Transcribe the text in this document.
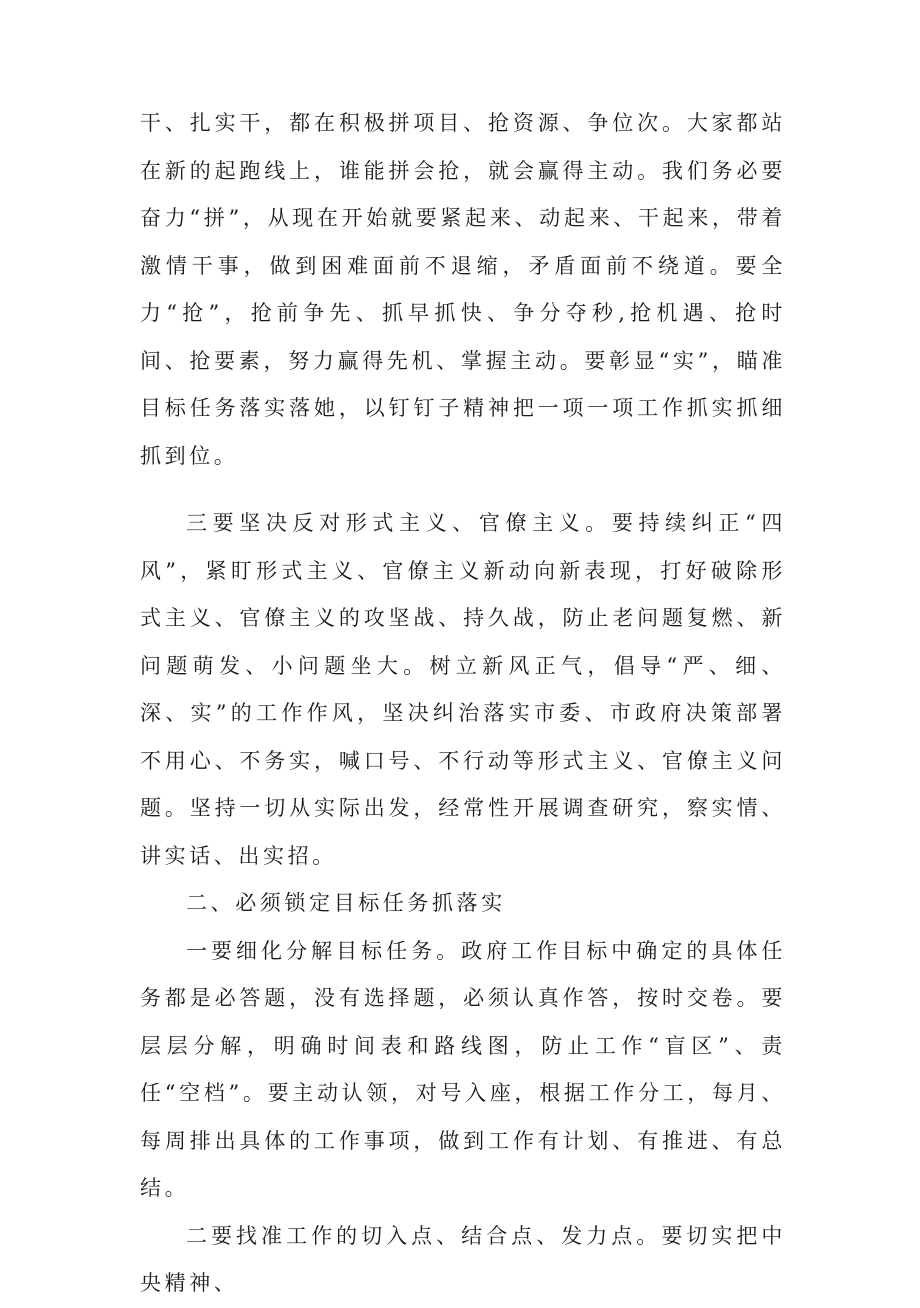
干、扎实干，都在积极拼项目、抢资源、争位次。大家都站在新的起跑线上，谁能拼会抢，就会赢得主动。我们务必要奋力“拼”，从现在开始就要紧起来、动起来、干起来，带着激情干事，做到困难面前不退缩，矛盾面前不绕道。要全力“抢”，抢前争先、抓早抓快、争分夺秒,抢机遇、抢时间、抢要素，努力赢得先机、掌握主动。要彰显“实”，瞄准目标任务落实落她，以钉钉子精神把一项一项工作抓实抓细抓到位。

三要坚决反对形式主义、官僚主义。要持续纠正“四风”，紧盯形式主义、官僚主义新动向新表现，打好破除形式主义、官僚主义的攻坚战、持久战，防止老问题复燃、新问题萌发、小问题坐大。树立新风正气，倡导“严、细、深、实”的工作作风，坚决纠治落实市委、市政府决策部署不用心、不务实，喊口号、不行动等形式主义、官僚主义问题。坚持一切从实际出发，经常性开展调查研究，察实情、讲实话、出实招。

二、必须锁定目标任务抓落实

一要细化分解目标任务。政府工作目标中确定的具体任务都是必答题，没有选择题，必须认真作答，按时交卷。要层层分解，明确时间表和路线图，防止工作“盲区”、责任“空档”。要主动认领，对号入座，根据工作分工，每月、每周排出具体的工作事项，做到工作有计划、有推进、有总结。

二要找准工作的切入点、结合点、发力点。要切实把中央精神、
